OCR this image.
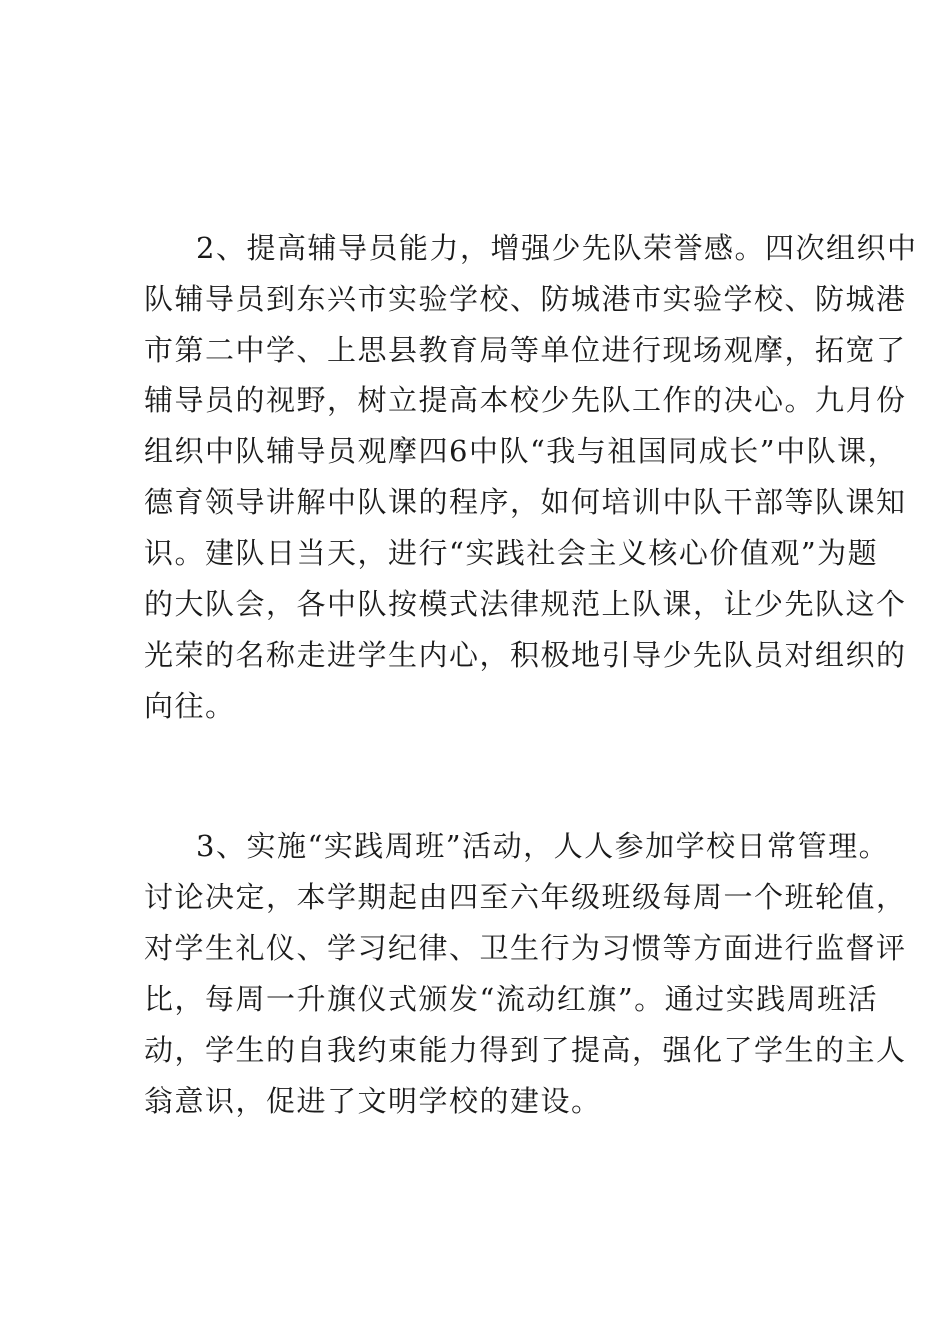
2、提高辅导员能力，增强少先队荣誉感。四次组织中
队辅导员到东兴市实验学校、防城港市实验学校、防城港
市第二中学、上思县教育局等单位进行现场观摩，拓宽了
辅导员的视野，树立提高本校少先队工作的决心。九月份
组织中队辅导员观摩四6中队“我与祖国同成长”中队课，
德育领导讲解中队课的程序，如何培训中队干部等队课知
识。建队日当天，进行“实践社会主义核心价值观”为题
的大队会，各中队按模式法律规范上队课，让少先队这个
光荣的名称走进学生内心，积极地引导少先队员对组织的
向往。
3、实施“实践周班”活动，人人参加学校日常管理。
讨论决定，本学期起由四至六年级班级每周一个班轮值，
对学生礼仪、学习纪律、卫生行为习惯等方面进行监督评
比，每周一升旗仪式颁发“流动红旗”。通过实践周班活
动，学生的自我约束能力得到了提高，强化了学生的主人
翁意识，促进了文明学校的建设。
